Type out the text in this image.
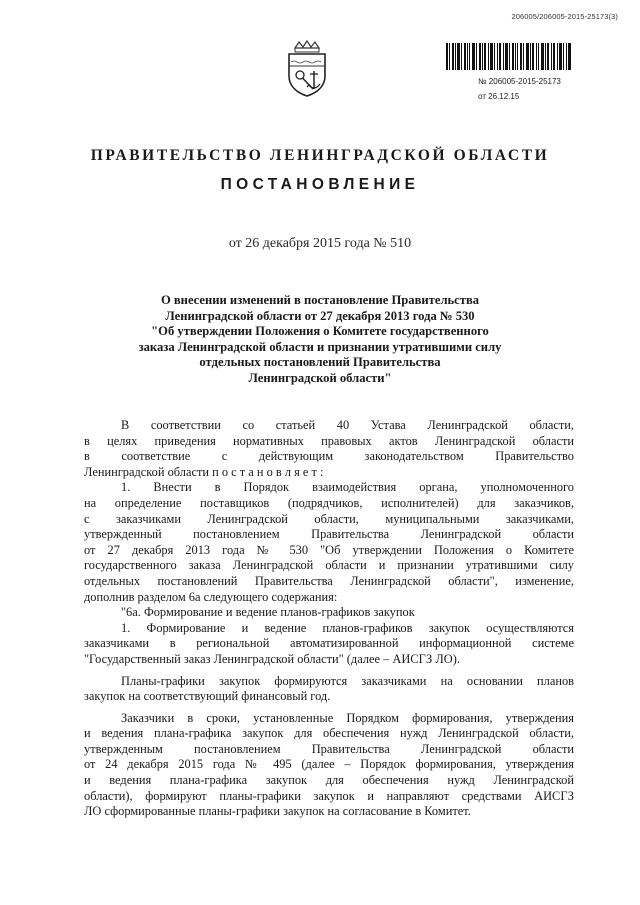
206005/206005-2015-25173(3)
№ 206005-2015-25173
от 26.12.15
ПРАВИТЕЛЬСТВО ЛЕНИНГРАДСКОЙ ОБЛАСТИ
ПОСТАНОВЛЕНИЕ
от 26 декабря 2015 года № 510
О внесении изменений в постановление Правительства
Ленинградской области от 27 декабря 2013 года № 530
"Об утверждении Положения о Комитете государственного
заказа Ленинградской области и признании утратившими силу
отдельных постановлений Правительства
Ленинградской области"
В соответствии со статьей 40 Устава Ленинградской области,
в целях приведения нормативных правовых актов Ленинградской области
в соответствие с действующим законодательством Правительство
Ленинградской области п о с т а н о в л я е т :
1. Внести в Порядок взаимодействия органа, уполномоченного
на определение поставщиков (подрядчиков, исполнителей) для заказчиков,
с заказчиками Ленинградской области, муниципальными заказчиками,
утвержденный постановлением Правительства Ленинградской области
от 27 декабря 2013 года № 530 "Об утверждении Положения о Комитете
государственного заказа Ленинградской области и признании утратившими силу
отдельных постановлений Правительства Ленинградской области", изменение,
дополнив разделом 6а следующего содержания:
"6а. Формирование и ведение планов-графиков закупок
1. Формирование и ведение планов-графиков закупок осуществляются
заказчиками в региональной автоматизированной информационной системе
"Государственный заказ Ленинградской области" (далее – АИСГЗ ЛО).
Планы-графики закупок формируются заказчиками на основании планов
закупок на соответствующий финансовый год.
Заказчики в сроки, установленные Порядком формирования, утверждения
и ведения плана-графика закупок для обеспечения нужд Ленинградской области,
утвержденным постановлением Правительства Ленинградской области
от 24 декабря 2015 года № 495 (далее – Порядок формирования, утверждения
и ведения плана-графика закупок для обеспечения нужд Ленинградской
области), формируют планы-графики закупок и направляют средствами АИСГЗ
ЛО сформированные планы-графики закупок на согласование в Комитет.
